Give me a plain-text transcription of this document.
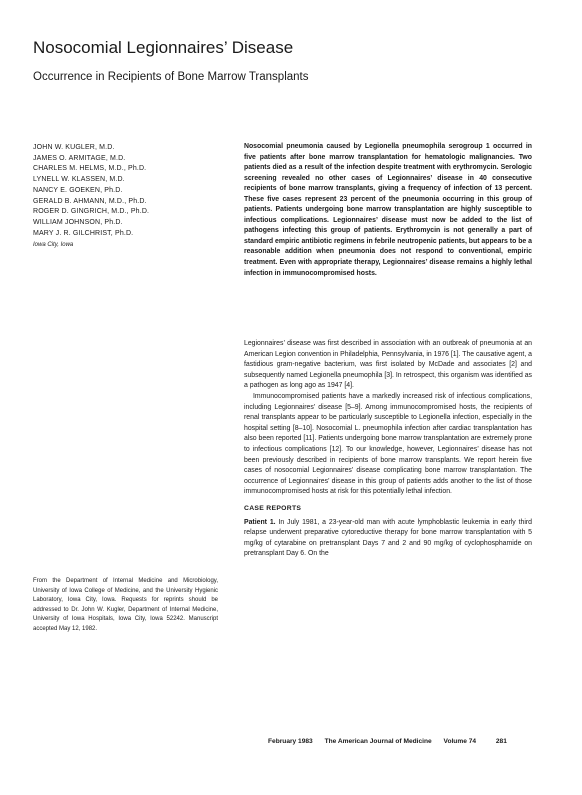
Nosocomial Legionnaires’ Disease
Occurrence in Recipients of Bone Marrow Transplants
JOHN W. KUGLER, M.D.
JAMES O. ARMITAGE, M.D.
CHARLES M. HELMS, M.D., Ph.D.
LYNELL W. KLASSEN, M.D.
NANCY E. GOEKEN, Ph.D.
GERALD B. AHMANN, M.D., Ph.D.
ROGER D. GINGRICH, M.D., Ph.D.
WILLIAM JOHNSON, Ph.D.
MARY J. R. GILCHRIST, Ph.D.
Iowa City, Iowa
Nosocomial pneumonia caused by Legionella pneumophila serogroup 1 occurred in five patients after bone marrow transplantation for hematologic malignancies. Two patients died as a result of the infection despite treatment with erythromycin. Serologic screening revealed no other cases of Legionnaires’ disease in 40 consecutive recipients of bone marrow transplants, giving a frequency of infection of 13 percent. These five cases represent 23 percent of the pneumonia occurring in this group of patients. Patients undergoing bone marrow transplantation are highly susceptible to infectious complications. Legionnaires’ disease must now be added to the list of pathogens infecting this group of patients. Erythromycin is not generally a part of standard empiric antibiotic regimens in febrile neutropenic patients, but appears to be a reasonable addition when pneumonia does not respond to conventional, empiric treatment. Even with appropriate therapy, Legionnaires’ disease remains a highly lethal infection in immunocompromised hosts.

Legionnaires’ disease was first described in association with an outbreak of pneumonia at an American Legion convention in Philadelphia, Pennsylvania, in 1976 [1]. The causative agent, a fastidious gram-negative bacterium, was first isolated by McDade and associates [2] and subsequently named Legionella pneumophila [3]. In retrospect, this organism was identified as a pathogen as long ago as 1947 [4].

Immunocompromised patients have a markedly increased risk of infectious complications, including Legionnaires’ disease [5–9]. Among immunocompromised hosts, the recipients of renal transplants appear to be particularly susceptible to Legionella infection, especially in the hospital setting [8–10]. Nosocomial L. pneumophila infection after cardiac transplantation has also been reported [11]. Patients undergoing bone marrow transplantation are extremely prone to infectious complications [12]. To our knowledge, however, Legionnaires’ disease has not been previously described in recipients of bone marrow transplants. We report herein five cases of nosocomial Legionnaires’ disease complicating bone marrow transplantation. The occurrence of Legionnaires’ disease in this group of patients adds another to the list of those immunocompromised hosts at risk for this potentially lethal infection.

CASE REPORTS

Patient 1. In July 1981, a 23-year-old man with acute lymphoblastic leukemia in early third relapse underwent preparative cytoreductive therapy for bone marrow transplantation with 5 mg/kg of cytarabine on pretransplant Days 7 and 2 and 90 mg/kg of cyclophosphamide on pretransplant Day 6. On the

From the Department of Internal Medicine and Microbiology, University of Iowa College of Medicine, and the University Hygienic Laboratory, Iowa City, Iowa. Requests for reprints should be addressed to Dr. John W. Kugler, Department of Internal Medicine, University of Iowa Hospitals, Iowa City, Iowa 52242. Manuscript accepted May 12, 1982.
February 1983 The American Journal of Medicine Volume 74	281
